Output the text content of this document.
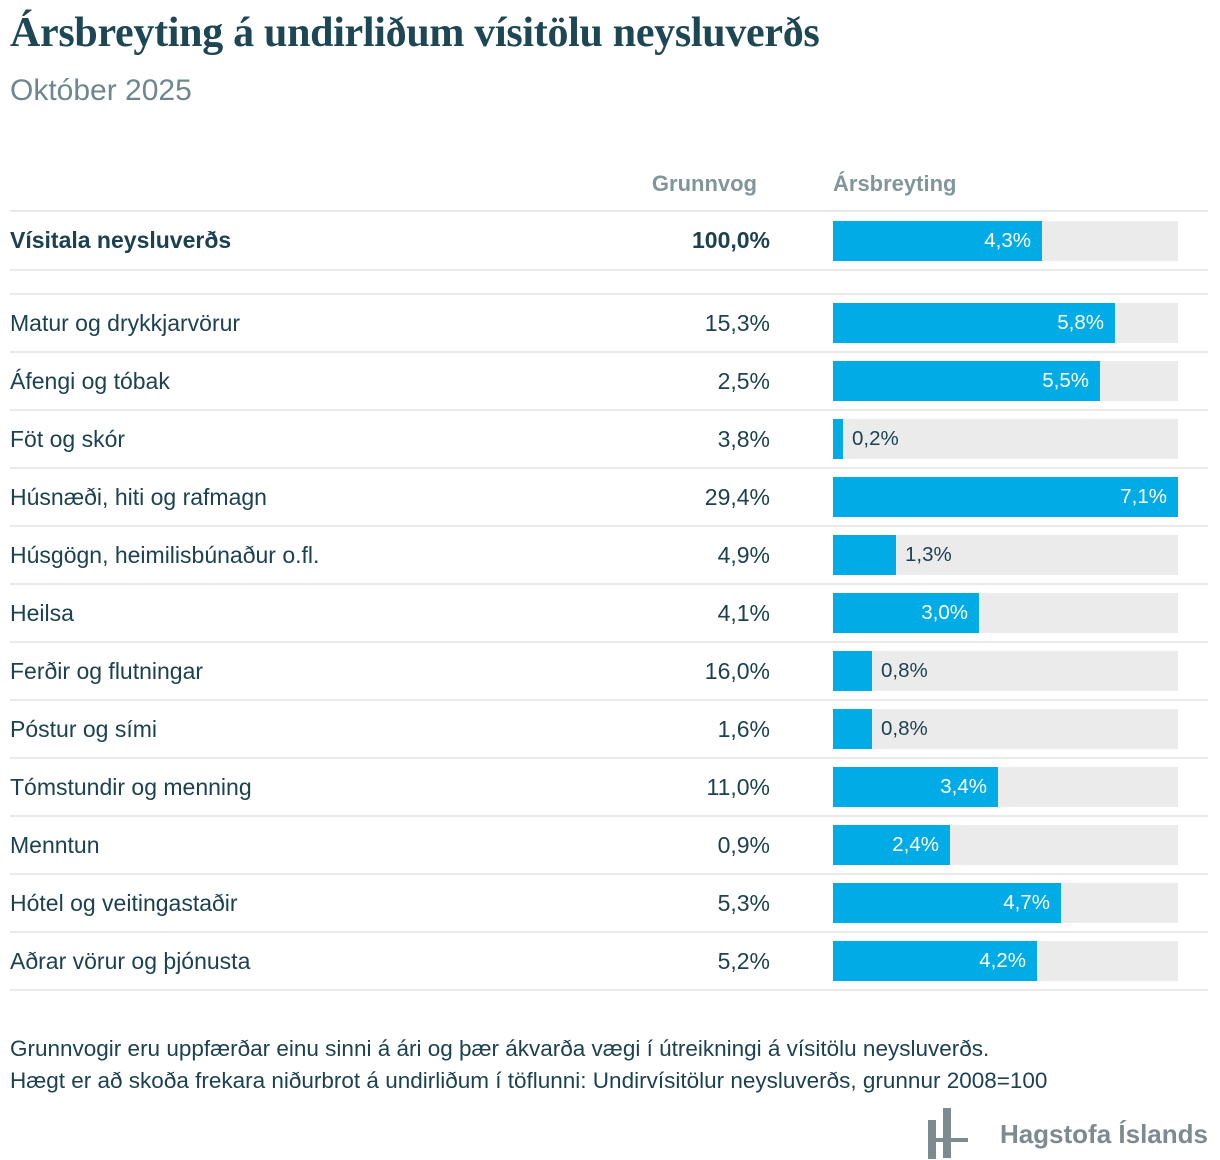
Ársbreyting á undirliðum vísitölu neysluverðs
Október 2025
Grunnvog	Ársbreyting
Vísitala neysluverðs	100,0%	4,3%
Matur og drykkjarvörur	15,3%	5,8%
Áfengi og tóbak	2,5%	5,5%
Föt og skór	3,8%	0,2%
Húsnæði, hiti og rafmagn	29,4%	7,1%
Húsgögn, heimilisbúnaður o.fl.	4,9%	1,3%
Heilsa	4,1%	3,0%
Ferðir og flutningar	16,0%	0,8%
Póstur og sími	1,6%	0,8%
Tómstundir og menning	11,0%	3,4%
Menntun	0,9%	2,4%
Hótel og veitingastaðir	5,3%	4,7%
Aðrar vörur og þjónusta	5,2%	4,2%
Grunnvogir eru uppfærðar einu sinni á ári og þær ákvarða vægi í útreikningi á vísitölu neysluverðs.
Hægt er að skoða frekara niðurbrot á undirliðum í töflunni: Undirvísitölur neysluverðs, grunnur 2008=100
Hagstofa Íslands
